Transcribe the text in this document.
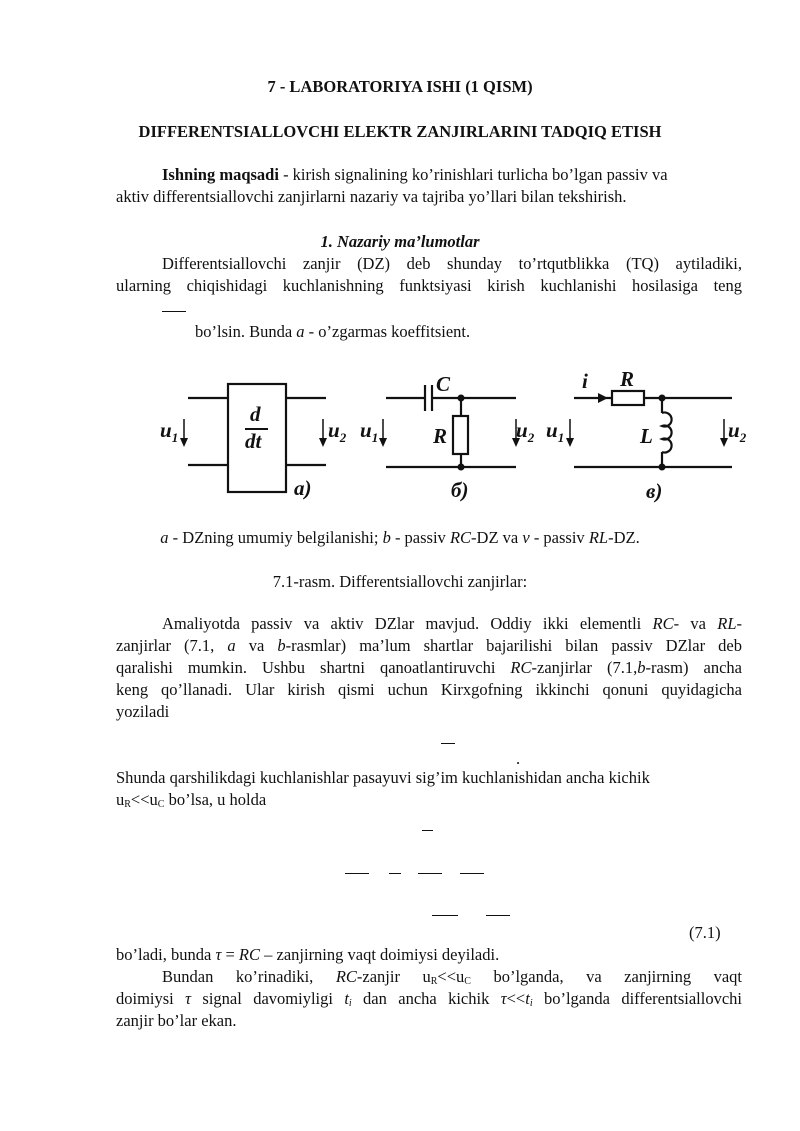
7 - LABORATORIYA ISHI (1 QISM)
DIFFERENTSIALLOVCHI ELEKTR ZANJIRLARINI TADQIQ ETISH
Ishning maqsadi - kirish signalining ko’rinishlari turlicha bo’lgan passiv va
aktiv differentsiallovchi zanjirlarni nazariy va tajriba yo’llari bilan tekshirish.
1. Nazariy ma’lumotlar
Differentsiallovchi zanjir (DZ) deb shunday to’rtqutblikka (TQ) aytiladiki,
ularning chiqishidagi kuchlanishning funktsiyasi kirish kuchlanishi hosilasiga teng
bo’lsin. Bunda a - o’zgarmas koeffitsient.
d
dt
$u_1$	$u_2$
а)
C
R
$u_1$	$u_2$
б)
i R
L
$u_1$	$u_2$
в)
a - DZning umumiy belgilanishi; b - passiv RC-DZ va v - passiv RL-DZ.
7.1-rasm. Differentsiallovchi zanjirlar:
Amaliyotda passiv va aktiv DZlar mavjud. Oddiy ikki elementli RC- va RL-
zanjirlar (7.1, a va b-rasmlar) ma’lum shartlar bajarilishi bilan passiv DZlar deb
qaralishi mumkin. Ushbu shartni qanoatlantiruvchi RC-zanjirlar (7.1,b-rasm) ancha
keng qo’llanadi. Ular kirish qismi uchun Kirxgofning ikkinchi qonuni quyidagicha
yoziladi
.
Shunda qarshilikdagi kuchlanishlar pasayuvi sig’im kuchlanishidan ancha kichik
$u_R<<u_C$ bo’lsa, u holda
(7.1)
bo’ladi, bunda τ = RC – zanjirning vaqt doimiysi deyiladi.
Bundan ko’rinadiki, RC-zanjir $u_R<<u_C$ bo’lganda, va zanjirning vaqt
doimiysi τ signal davomiyligi $t_i$ dan ancha kichik $\tau<<t_i$ bo’lganda differentsiallovchi
zanjir bo’lar ekan.
